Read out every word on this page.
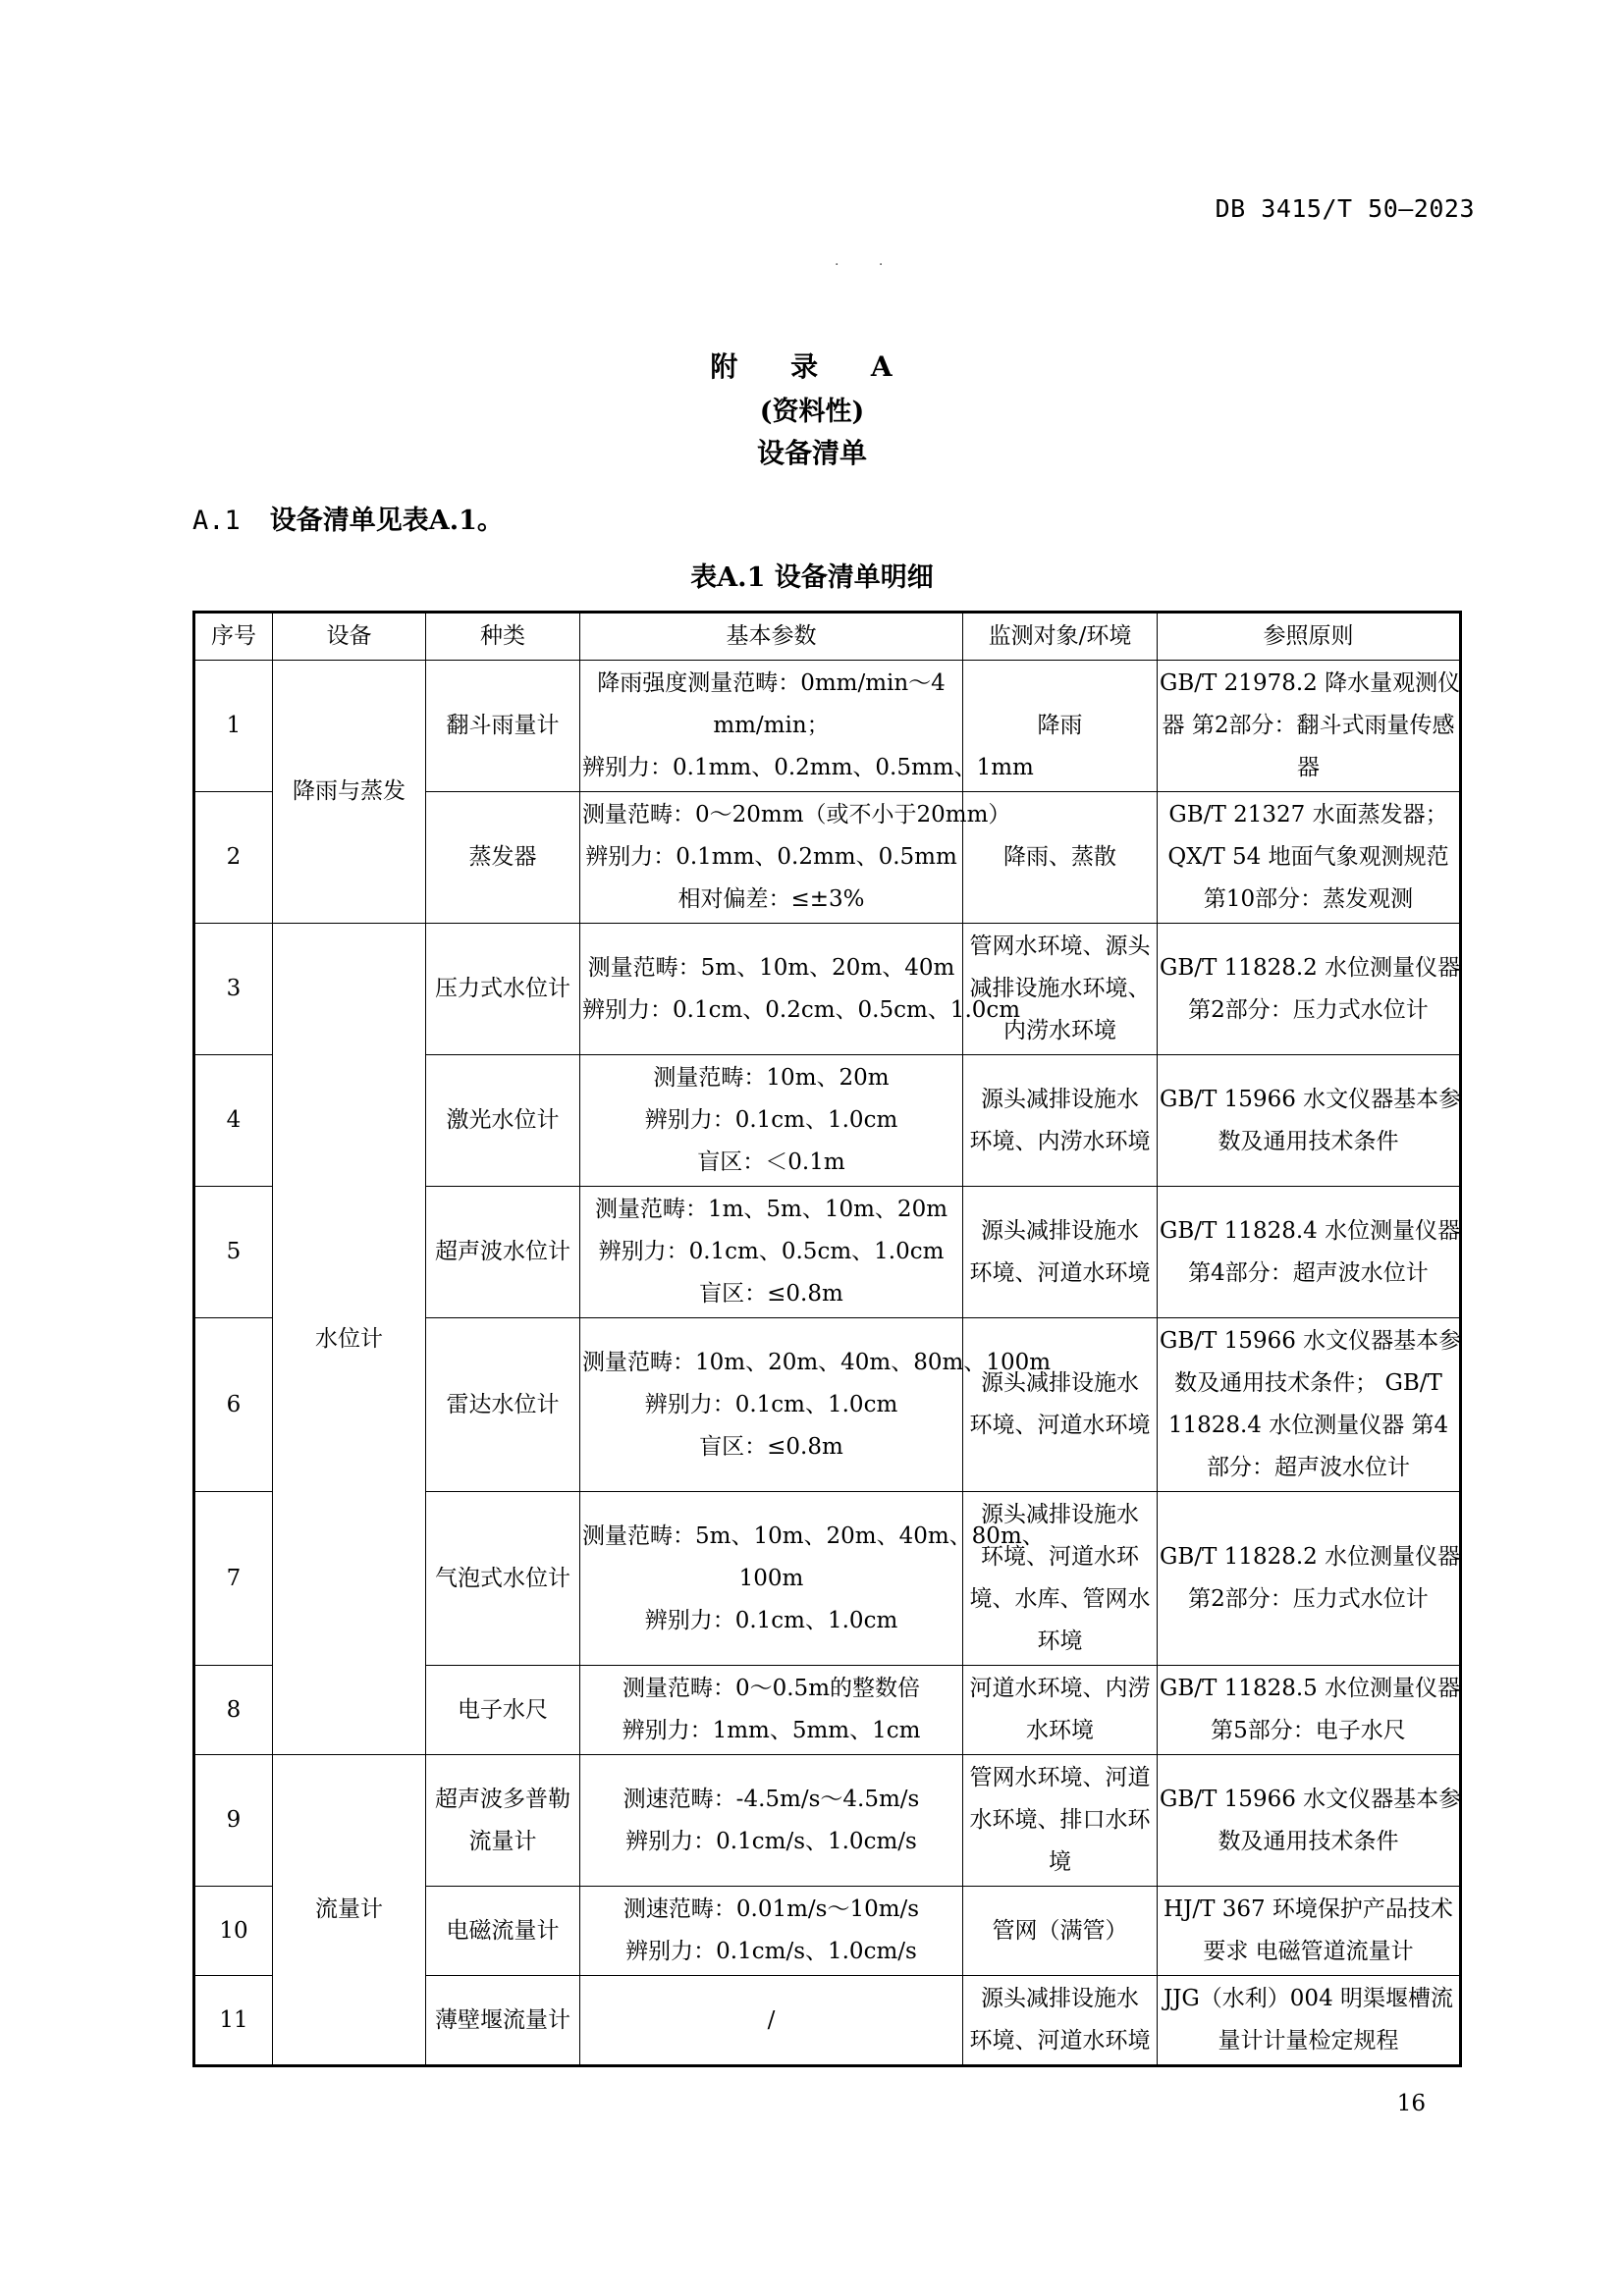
DB 3415/T 50—2023
. .
附 录 A
(资料性)
设备清单
A.1 设备清单见表A.1。
表A.1 设备清单明细
序号	设备	种类	基本参数	监测对象/环境	参照原则
1	降雨与蒸发	翻斗雨量计	降雨强度测量范畴：0mm/min～4
mm/min；
辨别力：0.1mm、0.2mm、0.5mm、1mm	降雨	GB/T 21978.2 降水量观测仪
器 第2部分：翻斗式雨量传感
器

2		蒸发器	测量范畴：0～20mm（或不小于20mm）
辨别力：0.1mm、0.2mm、0.5mm
相对偏差：≤±3%	降雨、蒸散	GB/T 21327 水面蒸发器；
QX/T 54 地面气象观测规范
第10部分：蒸发观测

3	水位计	压力式水位计	测量范畴：5m、10m、20m、40m
辨别力：0.1cm、0.2cm、0.5cm、1.0cm	管网水环境、源头
减排设施水环境、
内涝水环境	GB/T 11828.2 水位测量仪器
第2部分：压力式水位计

4		激光水位计	测量范畴：10m、20m
辨别力：0.1cm、1.0cm
盲区：＜0.1m	源头减排设施水
环境、内涝水环境	GB/T 15966 水文仪器基本参
数及通用技术条件

5		超声波水位计	测量范畴：1m、5m、10m、20m
辨别力：0.1cm、0.5cm、1.0cm
盲区：≤0.8m	源头减排设施水
环境、河道水环境	GB/T 11828.4 水位测量仪器
第4部分：超声波水位计

6		雷达水位计	测量范畴：10m、20m、40m、80m、100m
辨别力：0.1cm、1.0cm
盲区：≤0.8m	源头减排设施水
环境、河道水环境	GB/T 15966 水文仪器基本参
数及通用技术条件； GB/T
11828.4 水位测量仪器 第4
部分：超声波水位计

7		气泡式水位计	测量范畴：5m、10m、20m、40m、80m、
100m
辨别力：0.1cm、1.0cm	源头减排设施水
环境、河道水环
境、水库、管网水
环境	GB/T 11828.2 水位测量仪器
第2部分：压力式水位计

8		电子水尺	测量范畴：0～0.5m的整数倍
辨别力：1mm、5mm、1cm	河道水环境、内涝
水环境	GB/T 11828.5 水位测量仪器
第5部分：电子水尺

9	流量计	超声波多普勒
流量计	测速范畴：-4.5m/s～4.5m/s
辨别力：0.1cm/s、1.0cm/s	管网水环境、河道
水环境、排口水环
境	GB/T 15966 水文仪器基本参
数及通用技术条件

10		电磁流量计	测速范畴：0.01m/s～10m/s
辨别力：0.1cm/s、1.0cm/s	管网（满管）	HJ/T 367 环境保护产品技术
要求 电磁管道流量计

11		薄壁堰流量计	/	源头减排设施水
环境、河道水环境	JJG（水利）004 明渠堰槽流
量计计量检定规程
16
